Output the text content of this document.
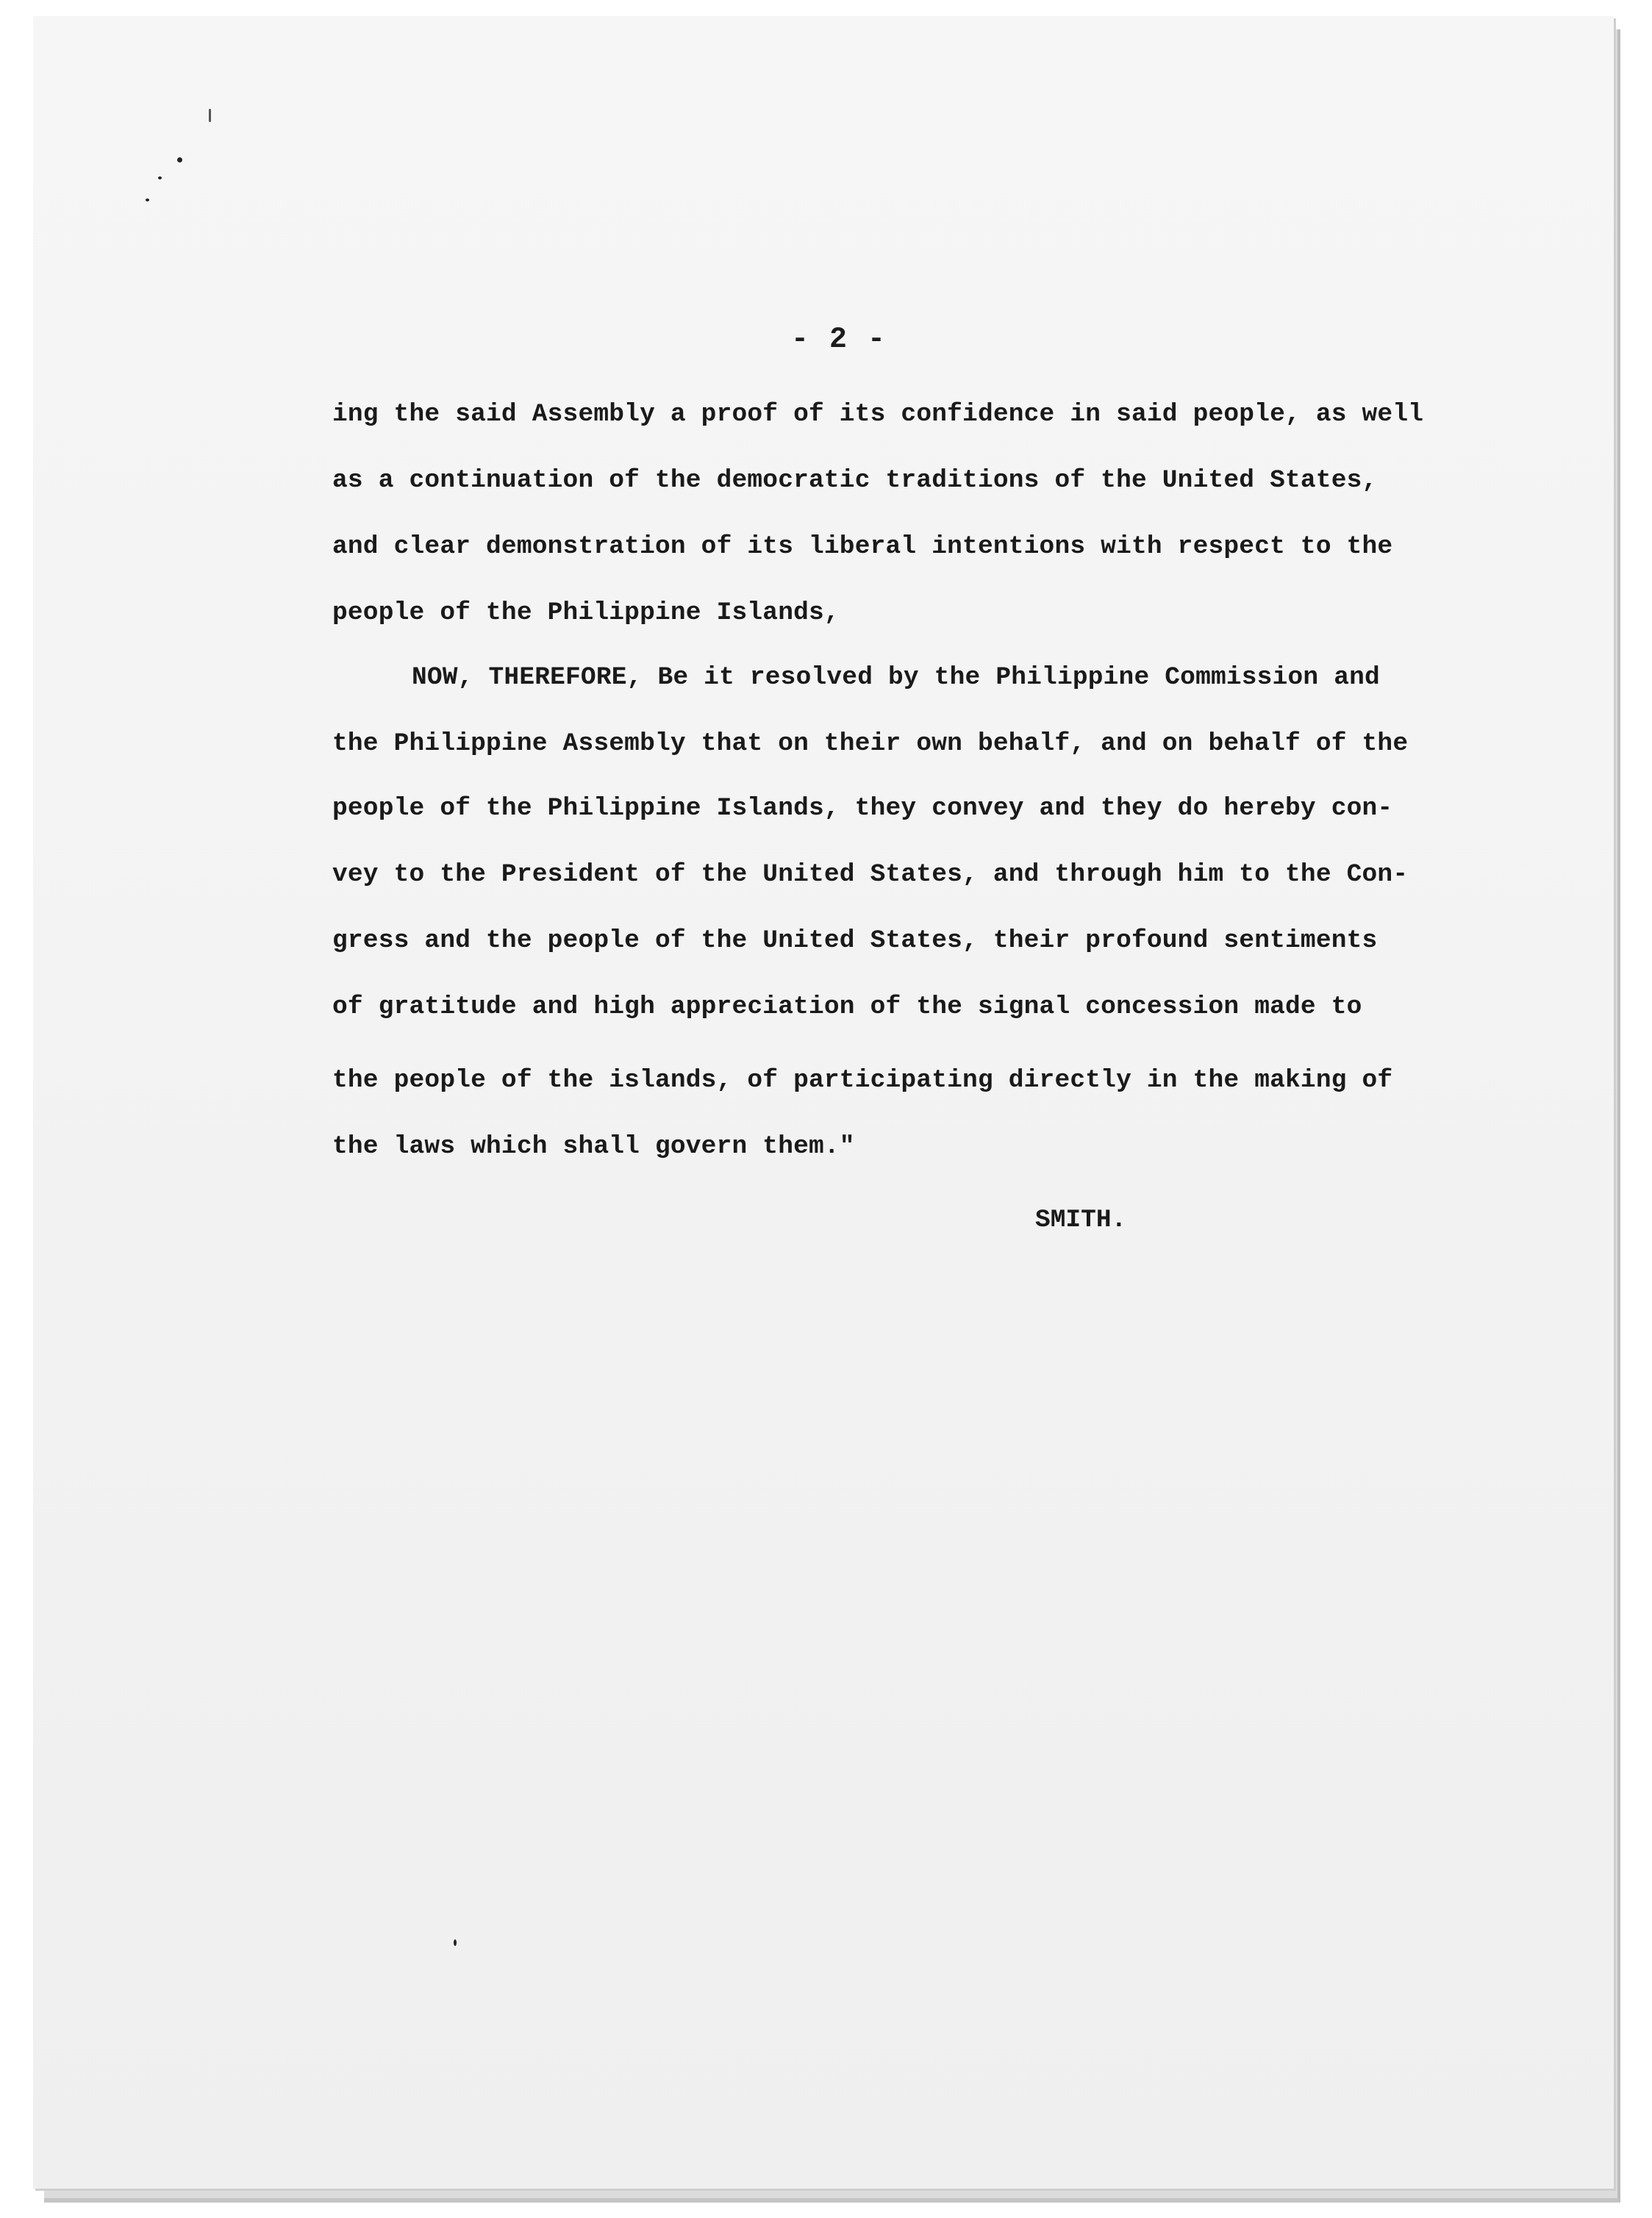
- 2 -
ing the said Assembly a proof of its confidence in said people, as well
as a continuation of the democratic traditions of the United States,
and clear demonstration of its liberal intentions with respect to the
people of the Philippine Islands,
NOW, THEREFORE, Be it resolved by the Philippine Commission and
the Philippine Assembly that on their own behalf, and on behalf of the
people of the Philippine Islands, they convey and they do hereby con-
vey to the President of the United States, and through him to the Con-
gress and the people of the United States, their profound sentiments
of gratitude and high appreciation of the signal concession made to
the people of the islands, of participating directly in the making of
the laws which shall govern them."
SMITH.
